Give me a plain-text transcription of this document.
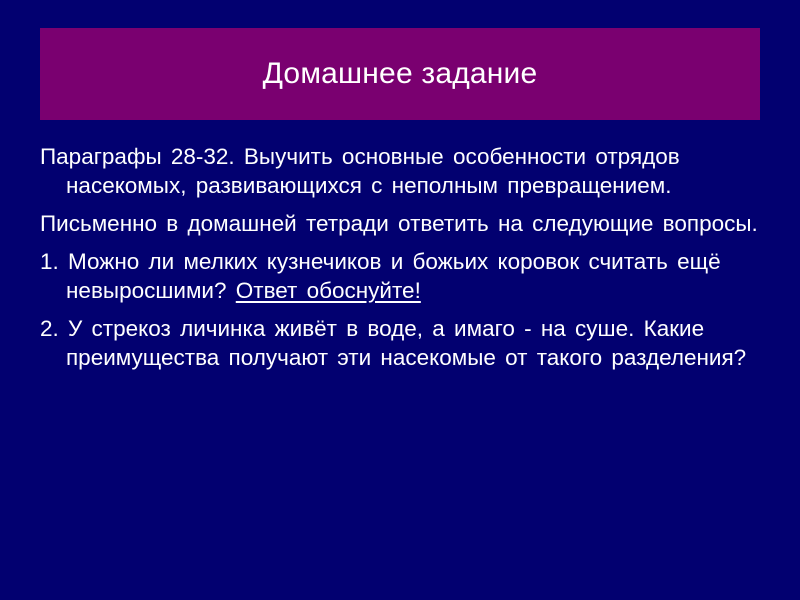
Домашнее задание

Параграфы 28-32. Выучить основные особенности отрядов насекомых, развивающихся с неполным превращением.

Письменно в домашней тетради ответить на следующие вопросы.

1. Можно ли мелких кузнечиков и божьих коровок считать ещё невыросшими? Ответ обоснуйте!

2. У стрекоз личинка живёт в воде, а имаго - на суше. Какие преимущества получают эти насекомые от такого разделения?
